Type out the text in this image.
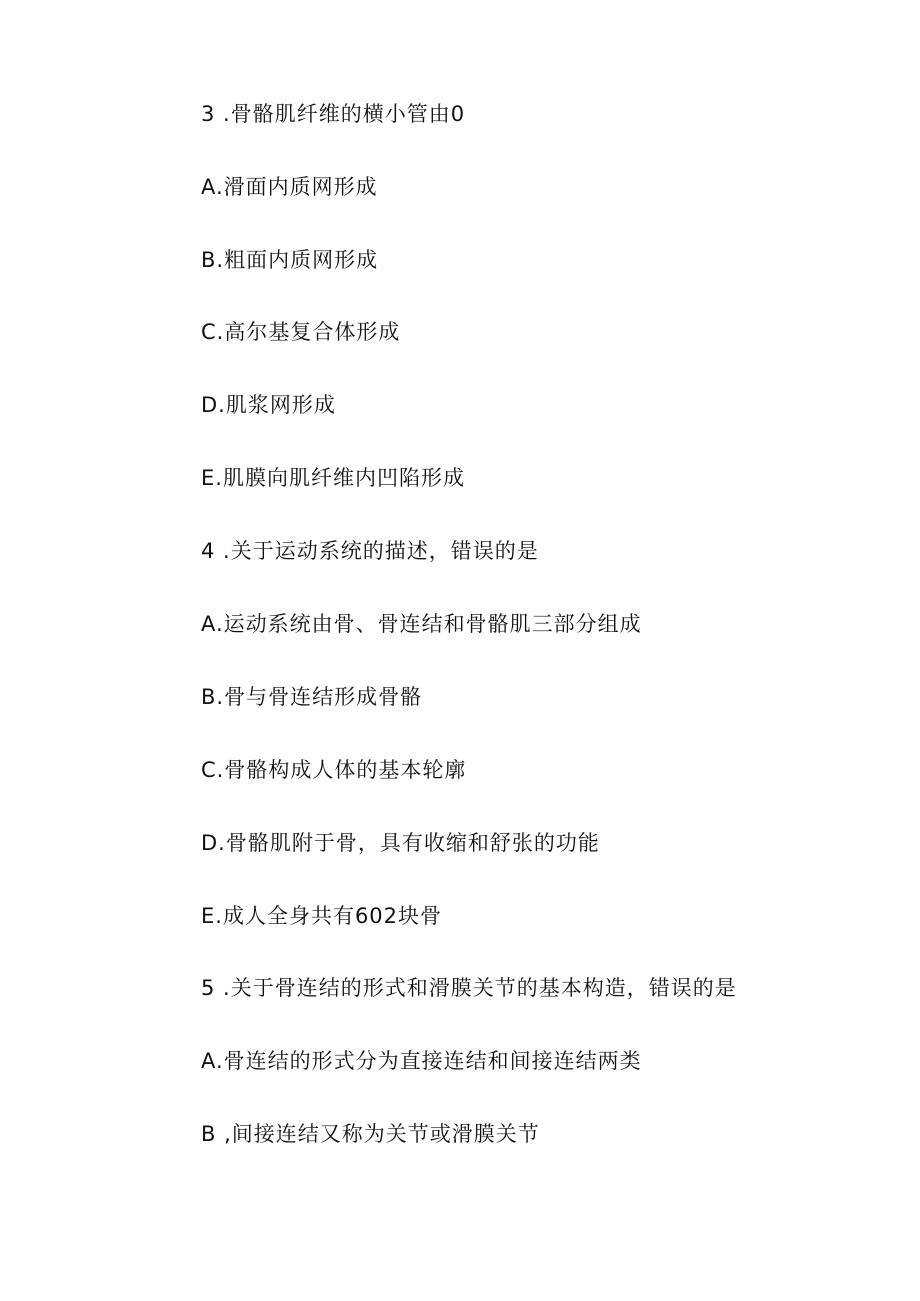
3 .骨骼肌纤维的横小管由0
A.滑面内质网形成
B.粗面内质网形成
C.高尔基复合体形成
D.肌浆网形成
E.肌膜向肌纤维内凹陷形成
4 .关于运动系统的描述，错误的是
A.运动系统由骨、骨连结和骨骼肌三部分组成
B.骨与骨连结形成骨骼
C.骨骼构成人体的基本轮廓
D.骨骼肌附于骨，具有收缩和舒张的功能
E.成人全身共有602块骨
5 .关于骨连结的形式和滑膜关节的基本构造，错误的是
A.骨连结的形式分为直接连结和间接连结两类
B ,间接连结又称为关节或滑膜关节
